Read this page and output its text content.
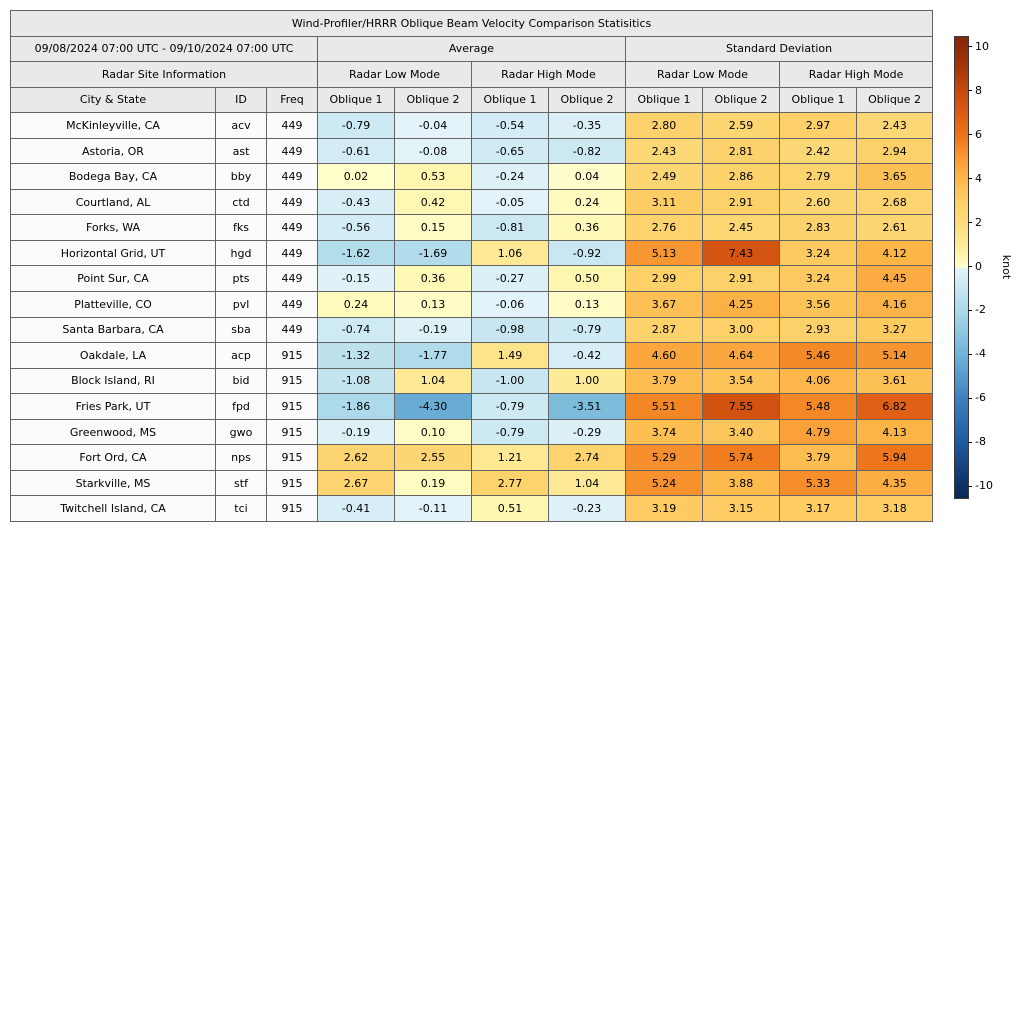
Wind-Profiler/HRRR Oblique Beam Velocity Comparison Statisitics										
09/08/2024 07:00 UTC - 09/10/2024 07:00 UTC			Average				Standard Deviation			
Radar Site Information			Radar Low Mode		Radar High Mode		Radar Low Mode		Radar High Mode	
City & State	ID	Freq	Oblique 1	Oblique 2	Oblique 1	Oblique 2	Oblique 1	Oblique 2	Oblique 1	Oblique 2
McKinleyville, CA	acv	449	-0.79	-0.04	-0.54	-0.35	2.80	2.59	2.97	2.43
Astoria, OR	ast	449	-0.61	-0.08	-0.65	-0.82	2.43	2.81	2.42	2.94
Bodega Bay, CA	bby	449	0.02	0.53	-0.24	0.04	2.49	2.86	2.79	3.65
Courtland, AL	ctd	449	-0.43	0.42	-0.05	0.24	3.11	2.91	2.60	2.68
Forks, WA	fks	449	-0.56	0.15	-0.81	0.36	2.76	2.45	2.83	2.61
Horizontal Grid, UT	hgd	449	-1.62	-1.69	1.06	-0.92	5.13	7.43	3.24	4.12
Point Sur, CA	pts	449	-0.15	0.36	-0.27	0.50	2.99	2.91	3.24	4.45
Platteville, CO	pvl	449	0.24	0.13	-0.06	0.13	3.67	4.25	3.56	4.16
Santa Barbara, CA	sba	449	-0.74	-0.19	-0.98	-0.79	2.87	3.00	2.93	3.27
Oakdale, LA	acp	915	-1.32	-1.77	1.49	-0.42	4.60	4.64	5.46	5.14
Block Island, RI	bid	915	-1.08	1.04	-1.00	1.00	3.79	3.54	4.06	3.61
Fries Park, UT	fpd	915	-1.86	-4.30	-0.79	-3.51	5.51	7.55	5.48	6.82
Greenwood, MS	gwo	915	-0.19	0.10	-0.79	-0.29	3.74	3.40	4.79	4.13
Fort Ord, CA	nps	915	2.62	2.55	1.21	2.74	5.29	5.74	3.79	5.94
Starkville, MS	stf	915	2.67	0.19	2.77	1.04	5.24	3.88	5.33	4.35
Twitchell Island, CA	tci	915	-0.41	-0.11	0.51	-0.23	3.19	3.15	3.17	3.18
10
8
6
4
2
0
-2
-4
-6
-8
-10
knot
